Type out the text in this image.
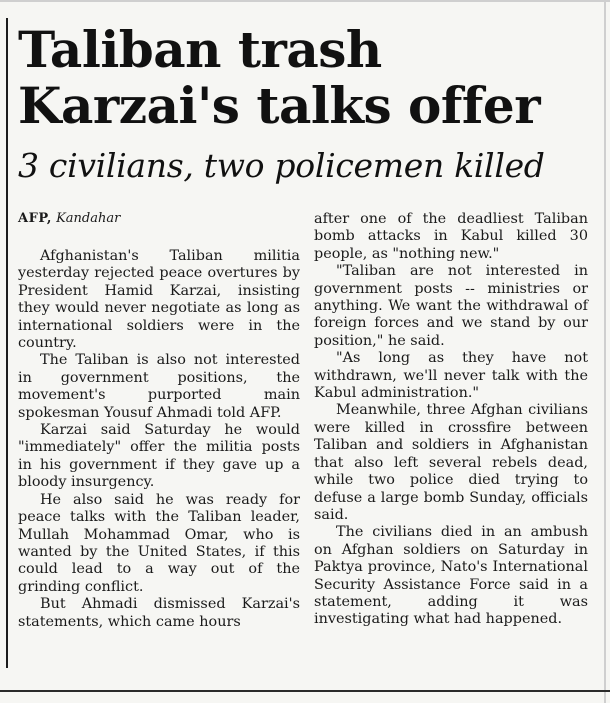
Taliban trash Karzai's talks offer
3 civilians, two policemen killed
AFP, Kandahar

Afghanistan's Taliban militia yesterday rejected peace overtures by President Hamid Karzai, insisting they would never negotiate as long as international soldiers were in the country.

The Taliban is also not interested in government positions, the movement's purported main spokesman Yousuf Ahmadi told AFP.

Karzai said Saturday he would "immediately" offer the militia posts in his government if they gave up a bloody insurgency.

He also said he was ready for peace talks with the Taliban leader, Mullah Mohammad Omar, who is wanted by the United States, if this could lead to a way out of the grinding conflict.

But Ahmadi dismissed Karzai's statements, which came hours

after one of the deadliest Taliban bomb attacks in Kabul killed 30 people, as "nothing new."

"Taliban are not interested in government posts -- ministries or anything. We want the withdrawal of foreign forces and we stand by our position," he said.

"As long as they have not withdrawn, we'll never talk with the Kabul administration."

Meanwhile, three Afghan civilians were killed in crossfire between Taliban and soldiers in Afghanistan that also left several rebels dead, while two police died trying to defuse a large bomb Sunday, officials said.

The civilians died in an ambush on Afghan soldiers on Saturday in Paktya province, Nato's International Security Assistance Force said in a statement, adding it was investigating what had happened.
